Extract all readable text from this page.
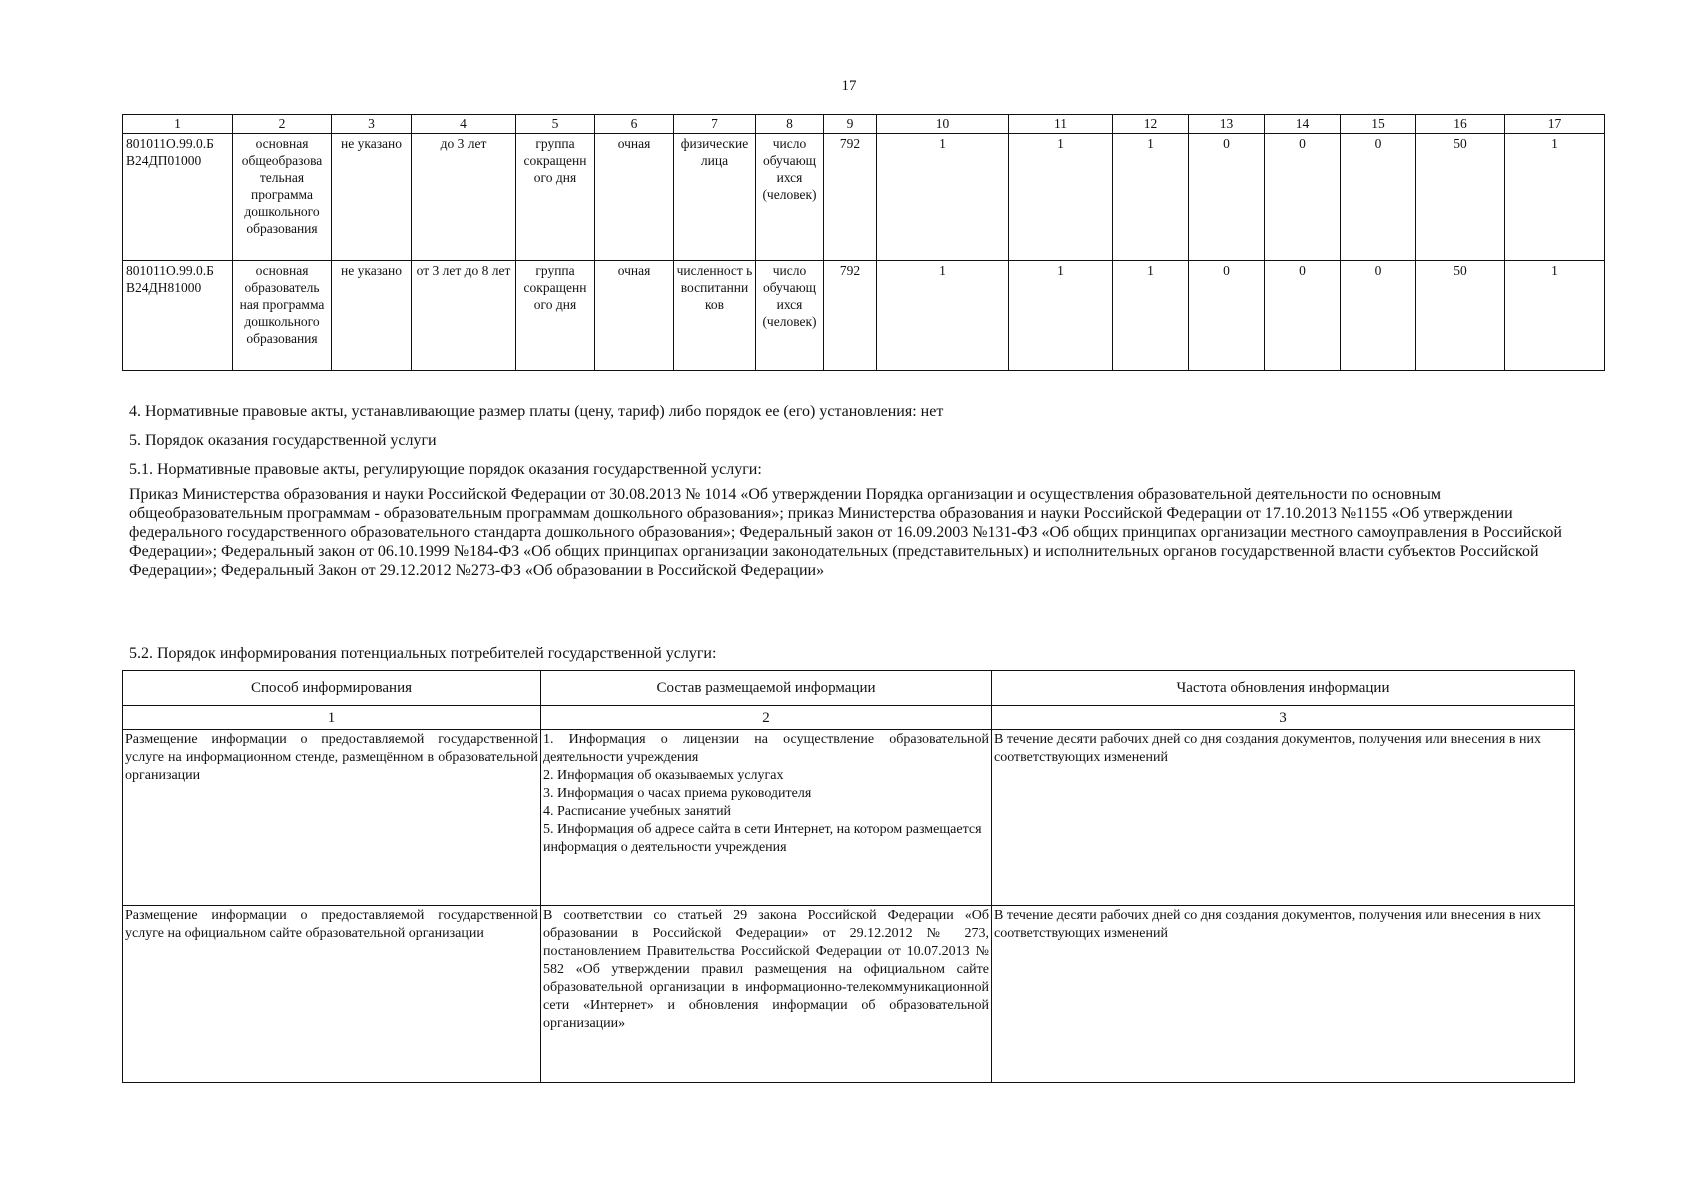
17
1	2	3	4	5	6	7	8	9	10	11	12	13	14	15	16	17
801011О.99.0.Б В24ДП01000	основная общеобразова тельная программа дошкольного образования	не указано	до 3 лет	группа сокращенн ого дня	очная	физические лица	число обучающ ихся (человек)	792	1	1	1	0	0	0	50	1
801011О.99.0.Б В24ДН81000	основная образователь ная программа дошкольного образования	не указано	от 3 лет до 8 лет	группа сокращенн ого дня	очная	численност ь воспитанни ков	число обучающ ихся (человек)	792	1	1	1	0	0	0	50	1
4. Нормативные правовые акты, устанавливающие размер платы (цену, тариф) либо порядок ее (его) установления: нет
5. Порядок оказания государственной услуги
5.1. Нормативные правовые акты, регулирующие порядок оказания государственной услуги:
Приказ Министерства образования и науки Российской Федерации от 30.08.2013 № 1014 «Об утверждении Порядка организации и осуществления образовательной деятельности по основным общеобразовательным программам - образовательным программам дошкольного образования»; приказ Министерства образования и науки Российской Федерации от 17.10.2013 №1155 «Об утверждении федерального государственного образовательного стандарта дошкольного образования»; Федеральный закон от 16.09.2003 №131-ФЗ «Об общих принципах организации местного самоуправления в Российской Федерации»; Федеральный закон от 06.10.1999 №184-ФЗ «Об общих принципах организации законодательных (представительных) и исполнительных органов государственной власти субъектов Российской Федерации»; Федеральный Закон от 29.12.2012 №273-ФЗ «Об образовании в Российской Федерации»
5.2. Порядок информирования потенциальных потребителей государственной услуги:
Способ информирования	Состав размещаемой информации	Частота обновления информации
1	2	3
Размещение информации о предоставляемой государственной услуге на информационном стенде, размещённом в образовательной организации	1. Информация о лицензии на осуществление образовательной деятельности учреждения
2. Информация об оказываемых услугах
3. Информация о часах приема руководителя
4. Расписание учебных занятий
5. Информация об адресе сайта в сети Интернет, на котором размещается информация о деятельности учреждения	В течение десяти рабочих дней со дня создания документов, получения или внесения в них соответствующих изменений
Размещение информации о предоставляемой государственной услуге на официальном сайте образовательной организации	В соответствии со статьей 29 закона Российской Федерации «Об образовании в Российской Федерации» от 29.12.2012 № 273, постановлением Правительства Российской Федерации от 10.07.2013 № 582 «Об утверждении правил размещения на официальном сайте образовательной организации в информационно-телекоммуникационной сети «Интернет» и обновления информации об образовательной организации»	В течение десяти рабочих дней со дня создания документов, получения или внесения в них соответствующих изменений
